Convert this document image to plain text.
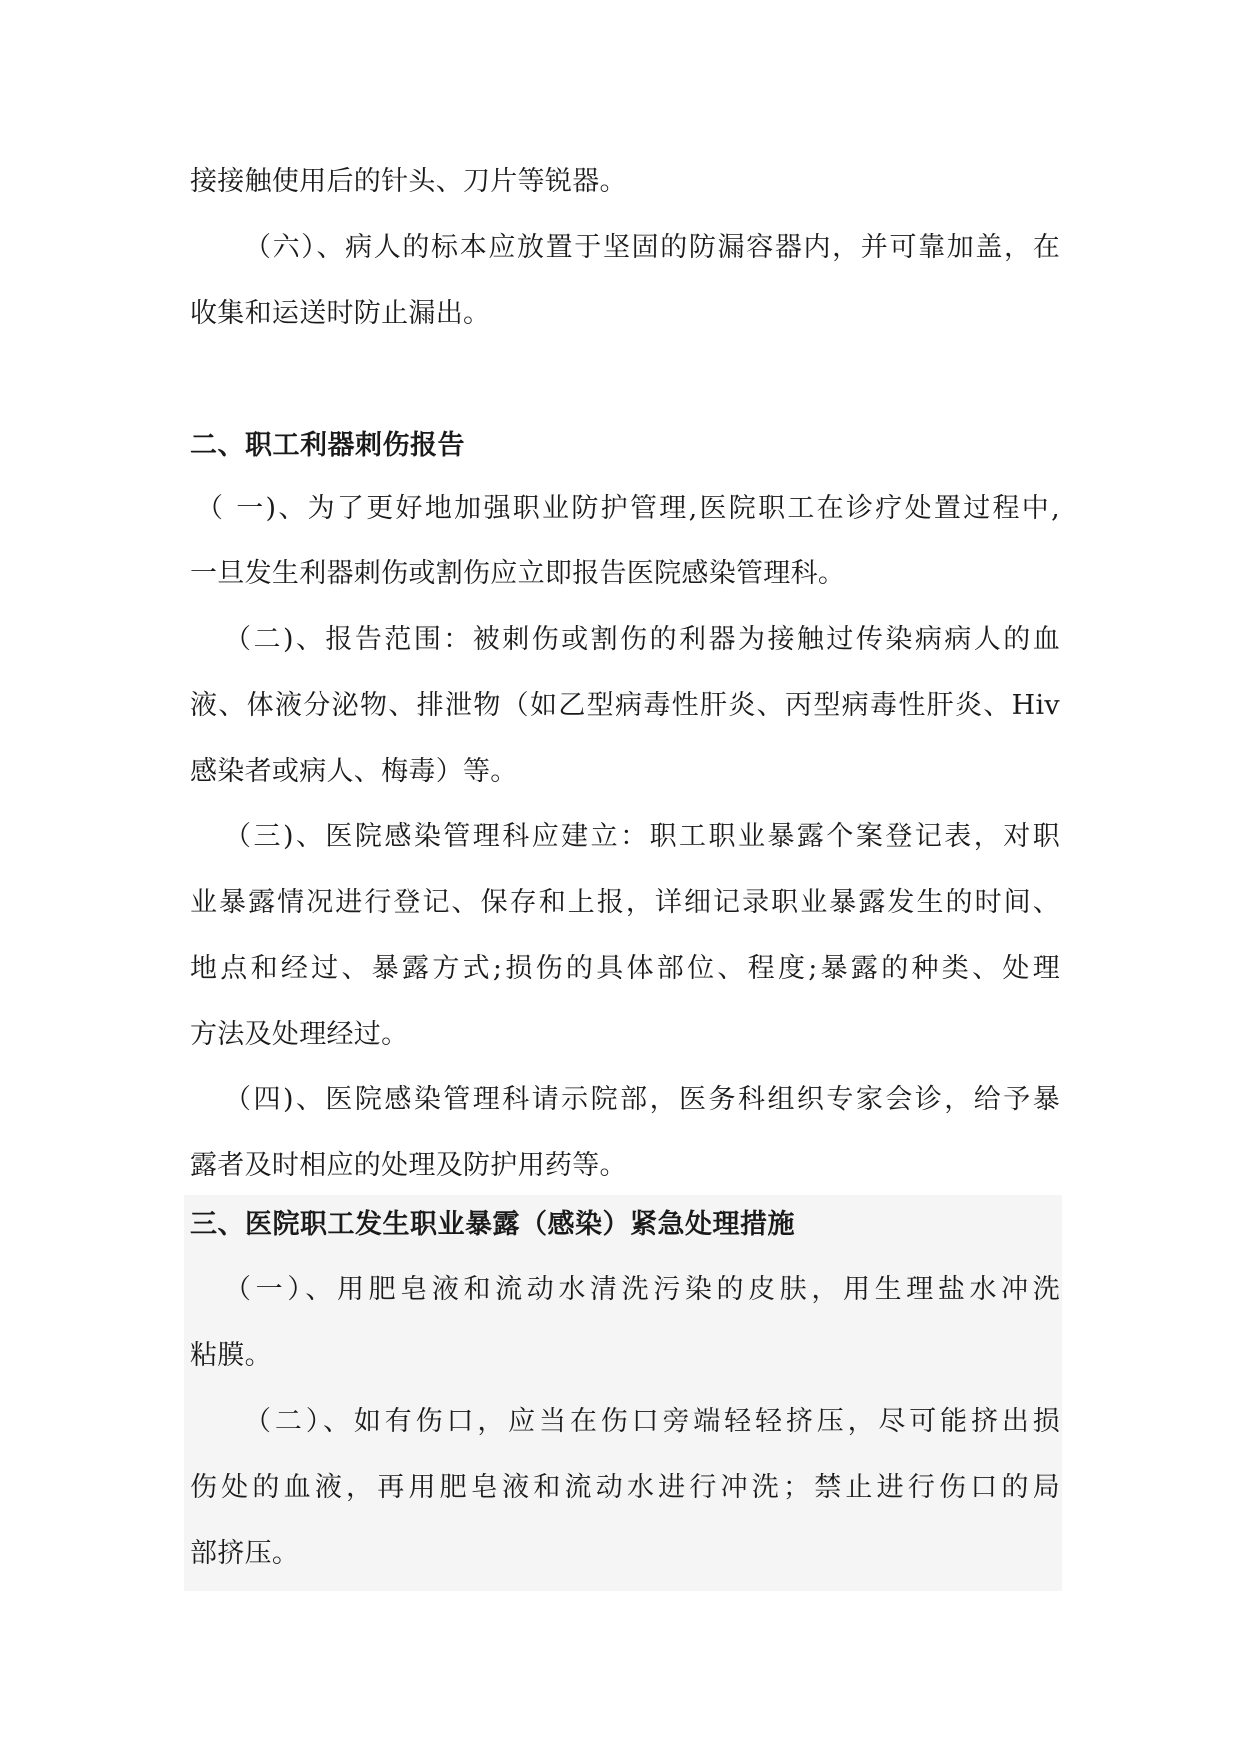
接接触使用后的针头、刀片等锐器。
（六）、病人的标本应放置于坚固的防漏容器内，并可靠加盖，在
收集和运送时防止漏出。
二、职工利器刺伤报告
（ 一)、为了更好地加强职业防护管理,医院职工在诊疗处置过程中,
一旦发生利器刺伤或割伤应立即报告医院感染管理科。
（二)、报告范围：被刺伤或割伤的利器为接触过传染病病人的血
液、体液分泌物、排泄物（如乙型病毒性肝炎、丙型病毒性肝炎、Hiv
感染者或病人、梅毒）等。
（三)、医院感染管理科应建立：职工职业暴露个案登记表，对职
业暴露情况进行登记、保存和上报，详细记录职业暴露发生的时间、
地点和经过、暴露方式;损伤的具体部位、程度;暴露的种类、处理
方法及处理经过。
（四)、医院感染管理科请示院部，医务科组织专家会诊，给予暴
露者及时相应的处理及防护用药等。
三、医院职工发生职业暴露（感染）紧急处理措施
（一）、用肥皂液和流动水清洗污染的皮肤，用生理盐水冲洗
粘膜。
（二）、如有伤口，应当在伤口旁端轻轻挤压，尽可能挤出损
伤处的血液，再用肥皂液和流动水进行冲洗；禁止进行伤口的局
部挤压。
